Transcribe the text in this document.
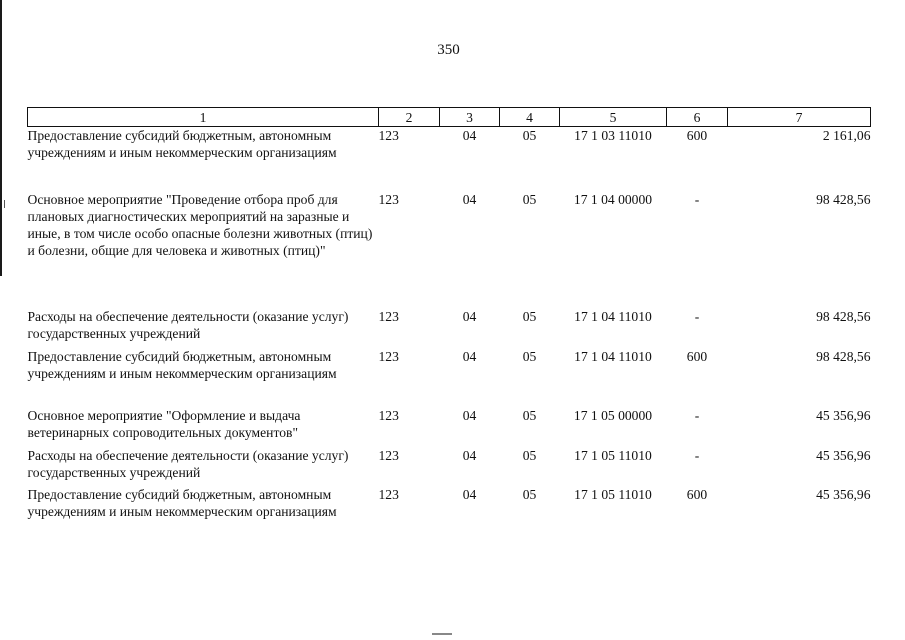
350
1	2	3	4	5	6	7
Предоставление субсидий бюджетным, автономным учреждениям и иным некоммерческим организациям	123	04	05	17 1 03 11010	600	2 161,06
Основное мероприятие "Проведение отбора проб для плановых диагностических мероприятий на заразные и иные, в том числе особо опасные болезни животных (птиц) и болезни, общие для человека и животных (птиц)"	123	04	05	17 1 04 00000	-	98 428,56
Расходы на обеспечение деятельности (оказание услуг) государственных учреждений	123	04	05	17 1 04 11010	-	98 428,56
Предоставление субсидий бюджетным, автономным учреждениям и иным некоммерческим организациям	123	04	05	17 1 04 11010	600	98 428,56
Основное мероприятие "Оформление и выдача ветеринарных сопроводительных документов"	123	04	05	17 1 05 00000	-	45 356,96
Расходы на обеспечение деятельности (оказание услуг) государственных учреждений	123	04	05	17 1 05 11010	-	45 356,96
Предоставление субсидий бюджетным, автономным учреждениям и иным некоммерческим организациям	123	04	05	17 1 05 11010	600	45 356,96
